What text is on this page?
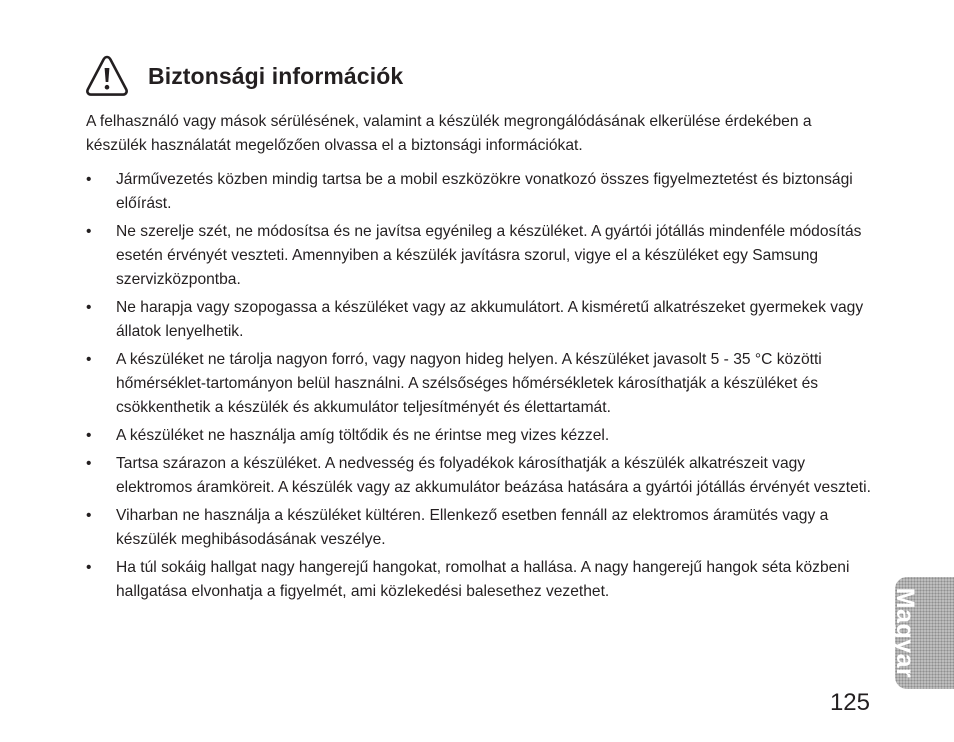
Biztonsági információk

A felhasználó vagy mások sérülésének, valamint a készülék megrongálódásának elkerülése érdekében a készülék használatát megelőzően olvassa el a biztonsági információkat.

• Járművezetés közben mindig tartsa be a mobil eszközökre vonatkozó összes figyelmeztetést és biztonsági előírást.
• Ne szerelje szét, ne módosítsa és ne javítsa egyénileg a készüléket. A gyártói jótállás mindenféle módosítás esetén érvényét veszteti. Amennyiben a készülék javításra szorul, vigye el a készüléket egy Samsung szervizközpontba.
• Ne harapja vagy szopogassa a készüléket vagy az akkumulátort. A kisméretű alkatrészeket gyermekek vagy állatok lenyelhetik.
• A készüléket ne tárolja nagyon forró, vagy nagyon hideg helyen. A készüléket javasolt 5 - 35 °C közötti hőmérséklet-tartományon belül használni. A szélsőséges hőmérsékletek károsíthatják a készüléket és csökkenthetik a készülék és akkumulátor teljesítményét és élettartamát.
• A készüléket ne használja amíg töltődik és ne érintse meg vizes kézzel.
• Tartsa szárazon a készüléket. A nedvesség és folyadékok károsíthatják a készülék alkatrészeit vagy elektromos áramköreit. A készülék vagy az akkumulátor beázása hatására a gyártói jótállás érvényét veszteti.
• Viharban ne használja a készüléket kültéren. Ellenkező esetben fennáll az elektromos áramütés vagy a készülék meghibásodásának veszélye.
• Ha túl sokáig hallgat nagy hangerejű hangokat, romolhat a hallása. A nagy hangerejű hangok séta közbeni hallgatása elvonhatja a figyelmét, ami közlekedési balesethez vezethet.	Magyar
125
